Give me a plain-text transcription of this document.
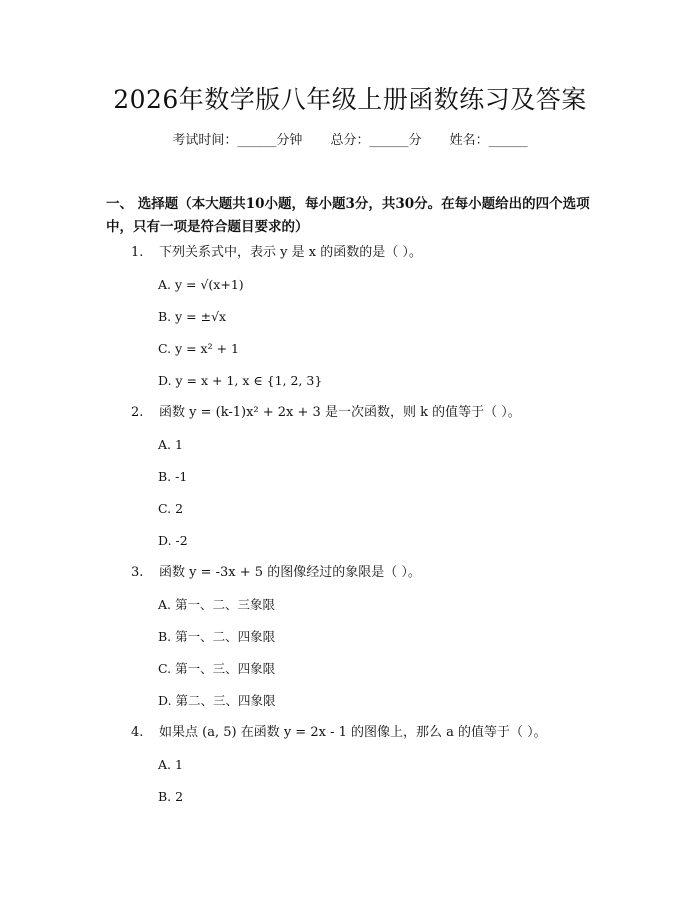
2026年数学版八年级上册函数练习及答案
考试时间：______分钟 总分：______分 姓名：______
一、 选择题（本大题共10小题，每小题3分，共30分。在每小题给出的四个选项中，只有一项是符合题目要求的）
1. 下列关系式中，表示 y 是 x 的函数的是（ ）。
A. y = √(x+1)
B. y = ±√x
C. y = x² + 1
D. y = x + 1, x ∈ {1, 2, 3}
2. 函数 y = (k-1)x² + 2x + 3 是一次函数，则 k 的值等于（ ）。
A. 1
B. -1
C. 2
D. -2
3. 函数 y = -3x + 5 的图像经过的象限是（ ）。
A. 第一、二、三象限
B. 第一、二、四象限
C. 第一、三、四象限
D. 第二、三、四象限
4. 如果点 (a, 5) 在函数 y = 2x - 1 的图像上，那么 a 的值等于（ ）。
A. 1
B. 2
